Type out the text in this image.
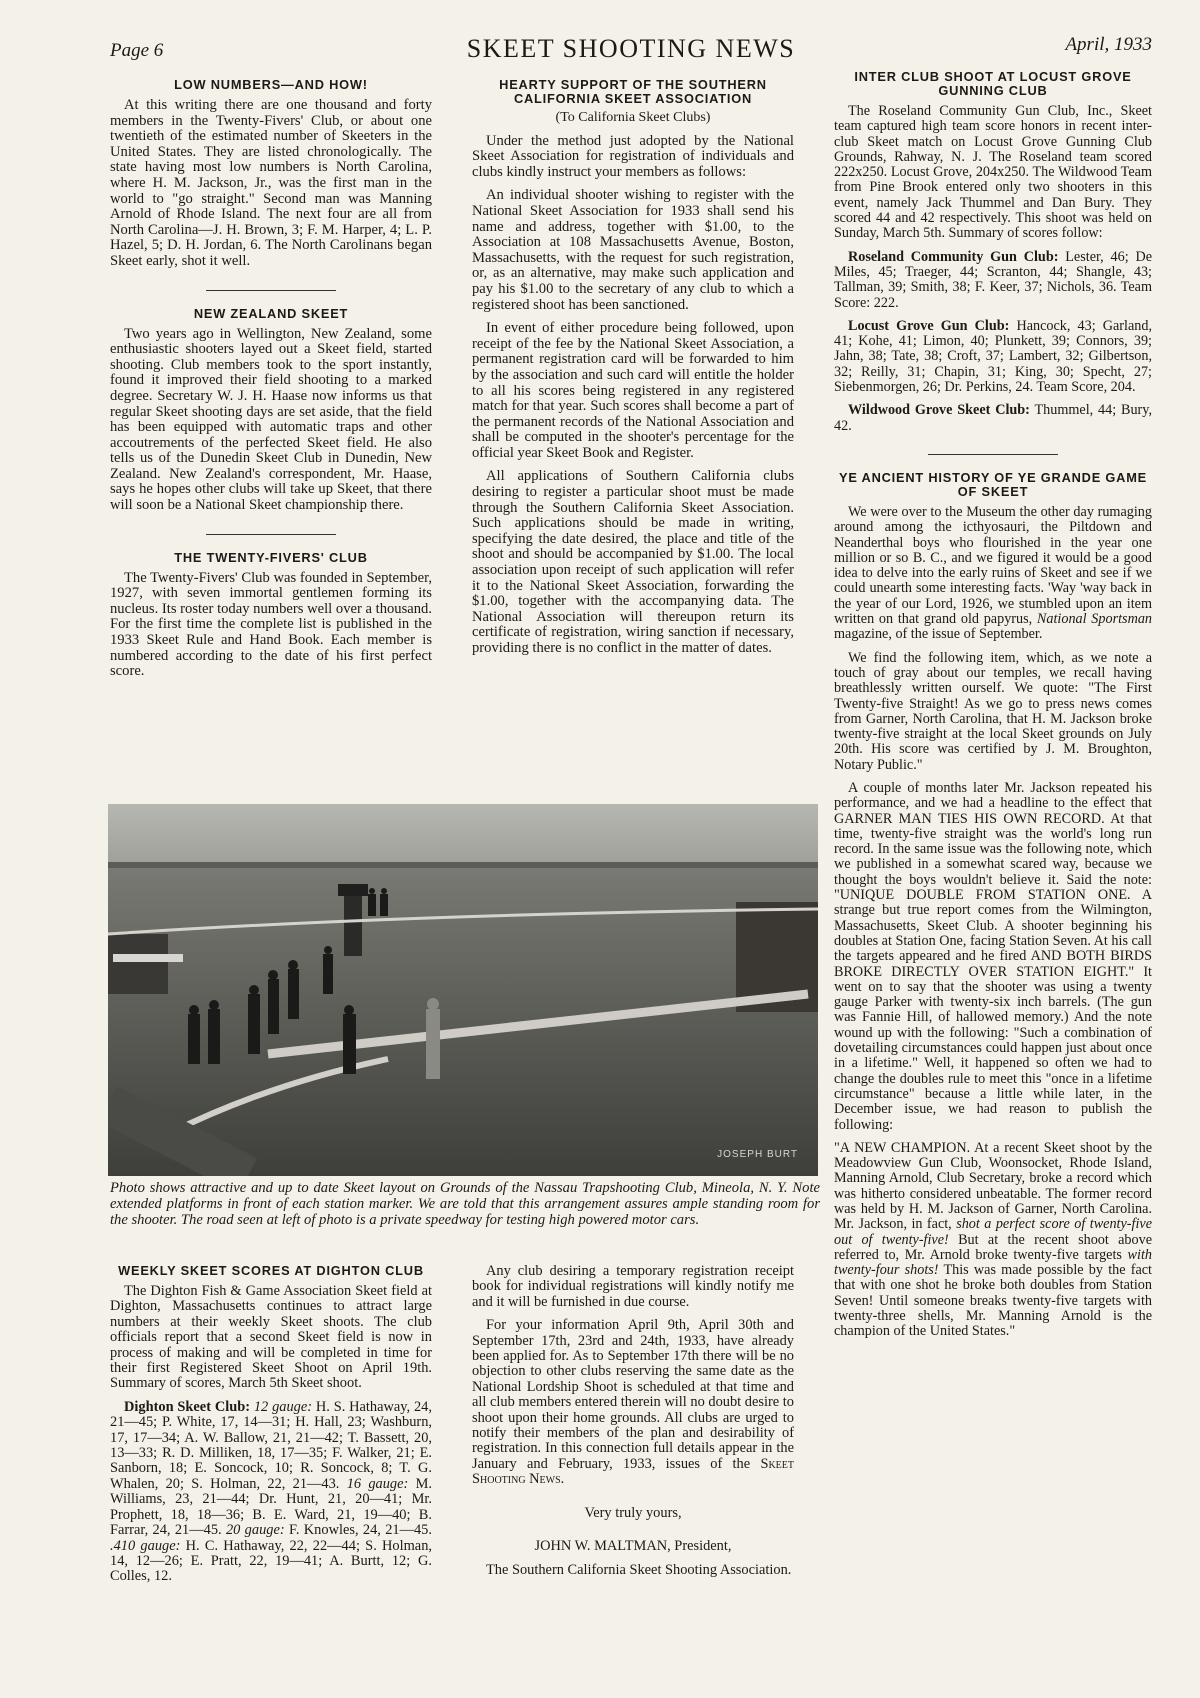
Page 6	SKEET SHOOTING NEWS	April, 1933
LOW NUMBERS—AND HOW!

At this writing there are one thousand and forty members in the Twenty-Fivers' Club, or about one twentieth of the estimated number of Skeeters in the United States. They are listed chronologically. The state having most low numbers is North Carolina, where H. M. Jackson, Jr., was the first man in the world to "go straight." Second man was Manning Arnold of Rhode Island. The next four are all from North Carolina—J. H. Brown, 3; F. M. Harper, 4; L. P. Hazel, 5; D. H. Jordan, 6. The North Carolinans began Skeet early, shot it well.

NEW ZEALAND SKEET

Two years ago in Wellington, New Zealand, some enthusiastic shooters layed out a Skeet field, started shooting. Club members took to the sport instantly, found it improved their field shooting to a marked degree. Secretary W. J. H. Haase now informs us that regular Skeet shooting days are set aside, that the field has been equipped with automatic traps and other accoutrements of the perfected Skeet field. He also tells us of the Dunedin Skeet Club in Dunedin, New Zealand. New Zealand's correspondent, Mr. Haase, says he hopes other clubs will take up Skeet, that there will soon be a National Skeet championship there.

THE TWENTY-FIVERS' CLUB

The Twenty-Fivers' Club was founded in September, 1927, with seven immortal gentlemen forming its nucleus. Its roster today numbers well over a thousand. For the first time the complete list is published in the 1933 Skeet Rule and Hand Book. Each member is numbered according to the date of his first perfect score.

HEARTY SUPPORT OF THE SOUTHERN CALIFORNIA SKEET ASSOCIATION
(To California Skeet Clubs)

Under the method just adopted by the National Skeet Association for registration of individuals and clubs kindly instruct your members as follows:

An individual shooter wishing to register with the National Skeet Association for 1933 shall send his name and address, together with $1.00, to the Association at 108 Massachusetts Avenue, Boston, Massachusetts, with the request for such registration, or, as an alternative, may make such application and pay his $1.00 to the secretary of any club to which a registered shoot has been sanctioned.

In event of either procedure being followed, upon receipt of the fee by the National Skeet Association, a permanent registration card will be forwarded to him by the association and such card will entitle the holder to all his scores being registered in any registered match for that year. Such scores shall become a part of the permanent records of the National Association and shall be computed in the shooter's percentage for the official year Skeet Book and Register.

All applications of Southern California clubs desiring to register a particular shoot must be made through the Southern California Skeet Association. Such applications should be made in writing, specifying the date desired, the place and title of the shoot and should be accompanied by $1.00. The local association upon receipt of such application will refer it to the National Skeet Association, forwarding the $1.00, together with the accompanying data. The National Association will thereupon return its certificate of registration, wiring sanction if necessary, providing there is no conflict in the matter of dates.

INTER CLUB SHOOT AT LOCUST GROVE GUNNING CLUB

The Roseland Community Gun Club, Inc., Skeet team captured high team score honors in recent inter-club Skeet match on Locust Grove Gunning Club Grounds, Rahway, N. J. The Roseland team scored 222x250. Locust Grove, 204x250. The Wildwood Team from Pine Brook entered only two shooters in this event, namely Jack Thummel and Dan Bury. They scored 44 and 42 respectively. This shoot was held on Sunday, March 5th. Summary of scores follow:

Roseland Community Gun Club: Lester, 46; De Miles, 45; Traeger, 44; Scranton, 44; Shangle, 43; Tallman, 39; Smith, 38; F. Keer, 37; Nichols, 36. Team Score: 222.

Locust Grove Gun Club: Hancock, 43; Garland, 41; Kohe, 41; Limon, 40; Plunkett, 39; Connors, 39; Jahn, 38; Tate, 38; Croft, 37; Lambert, 32; Gilbertson, 32; Reilly, 31; Chapin, 31; King, 30; Specht, 27; Siebenmorgen, 26; Dr. Perkins, 24. Team Score, 204.

Wildwood Grove Skeet Club: Thummel, 44; Bury, 42.

YE ANCIENT HISTORY OF YE GRANDE GAME OF SKEET

We were over to the Museum the other day rumaging around among the icthyosauri, the Piltdown and Neanderthal boys who flourished in the year one million or so B. C., and we figured it would be a good idea to delve into the early ruins of Skeet and see if we could unearth some interesting facts. 'Way 'way back in the year of our Lord, 1926, we stumbled upon an item written on that grand old papyrus, National Sportsman magazine, of the issue of September.

We find the following item, which, as we note a touch of gray about our temples, we recall having breathlessly written ourself. We quote: "The First Twenty-five Straight! As we go to press news comes from Garner, North Carolina, that H. M. Jackson broke twenty-five straight at the local Skeet grounds on July 20th. His score was certified by J. M. Broughton, Notary Public."

A couple of months later Mr. Jackson repeated his performance, and we had a headline to the effect that GARNER MAN TIES HIS OWN RECORD. At that time, twenty-five straight was the world's long run record. In the same issue was the following note, which we published in a somewhat scared way, because we thought the boys wouldn't believe it. Said the note: "UNIQUE DOUBLE FROM STATION ONE. A strange but true report comes from the Wilmington, Massachusetts, Skeet Club. A shooter beginning his doubles at Station One, facing Station Seven. At his call the targets appeared and he fired AND BOTH BIRDS BROKE DIRECTLY OVER STATION EIGHT." It went on to say that the shooter was using a twenty gauge Parker with twenty-six inch barrels. (The gun was Fannie Hill, of hallowed memory.) And the note wound up with the following: "Such a combination of dovetailing circumstances could happen just about once in a lifetime." Well, it happened so often we had to change the doubles rule to meet this "once in a lifetime circumstance" because a little while later, in the December issue, we had reason to publish the following:

"A NEW CHAMPION. At a recent Skeet shoot by the Meadowview Gun Club, Woonsocket, Rhode Island, Manning Arnold, Club Secretary, broke a record which was hitherto considered unbeatable. The former record was held by H. M. Jackson of Garner, North Carolina. Mr. Jackson, in fact, shot a perfect score of twenty-five out of twenty-five! But at the recent shoot above referred to, Mr. Arnold broke twenty-five targets with twenty-four shots! This was made possible by the fact that with one shot he broke both doubles from Station Seven! Until someone breaks twenty-five targets with twenty-three shells, Mr. Manning Arnold is the champion of the United States."

JOSEPH BURT
Photo shows attractive and up to date Skeet layout on Grounds of the Nassau Trapshooting Club, Mineola, N. Y. Note extended platforms in front of each station marker. We are told that this arrangement assures ample standing room for the shooter. The road seen at left of photo is a private speedway for testing high powered motor cars.
WEEKLY SKEET SCORES AT DIGHTON CLUB

The Dighton Fish & Game Association Skeet field at Dighton, Massachusetts continues to attract large numbers at their weekly Skeet shoots. The club officials report that a second Skeet field is now in process of making and will be completed in time for their first Registered Skeet Shoot on April 19th. Summary of scores, March 5th Skeet shoot.

Dighton Skeet Club: 12 gauge: H. S. Hathaway, 24, 21—45; P. White, 17, 14—31; H. Hall, 23; Washburn, 17, 17—34; A. W. Ballow, 21, 21—42; T. Bassett, 20, 13—33; R. D. Milliken, 18, 17—35; F. Walker, 21; E. Sanborn, 18; E. Soncock, 10; R. Soncock, 8; T. G. Whalen, 20; S. Holman, 22, 21—43. 16 gauge: M. Williams, 23, 21—44; Dr. Hunt, 21, 20—41; Mr. Prophett, 18, 18—36; B. E. Ward, 21, 19—40; B. Farrar, 24, 21—45. 20 gauge: F. Knowles, 24, 21—45. .410 gauge: H. C. Hathaway, 22, 22—44; S. Holman, 14, 12—26; E. Pratt, 22, 19—41; A. Burtt, 12; G. Colles, 12.

Any club desiring a temporary registration receipt book for individual registrations will kindly notify me and it will be furnished in due course.

For your information April 9th, April 30th and September 17th, 23rd and 24th, 1933, have already been applied for. As to September 17th there will be no objection to other clubs reserving the same date as the National Lordship Shoot is scheduled at that time and all club members entered therein will no doubt desire to shoot upon their home grounds. All clubs are urged to notify their members of the plan and desirability of registration. In this connection full details appear in the January and February, 1933, issues of the Skeet Shooting News.

Very truly yours,

JOHN W. MALTMAN, President,

The Southern California Skeet Shooting Association.
